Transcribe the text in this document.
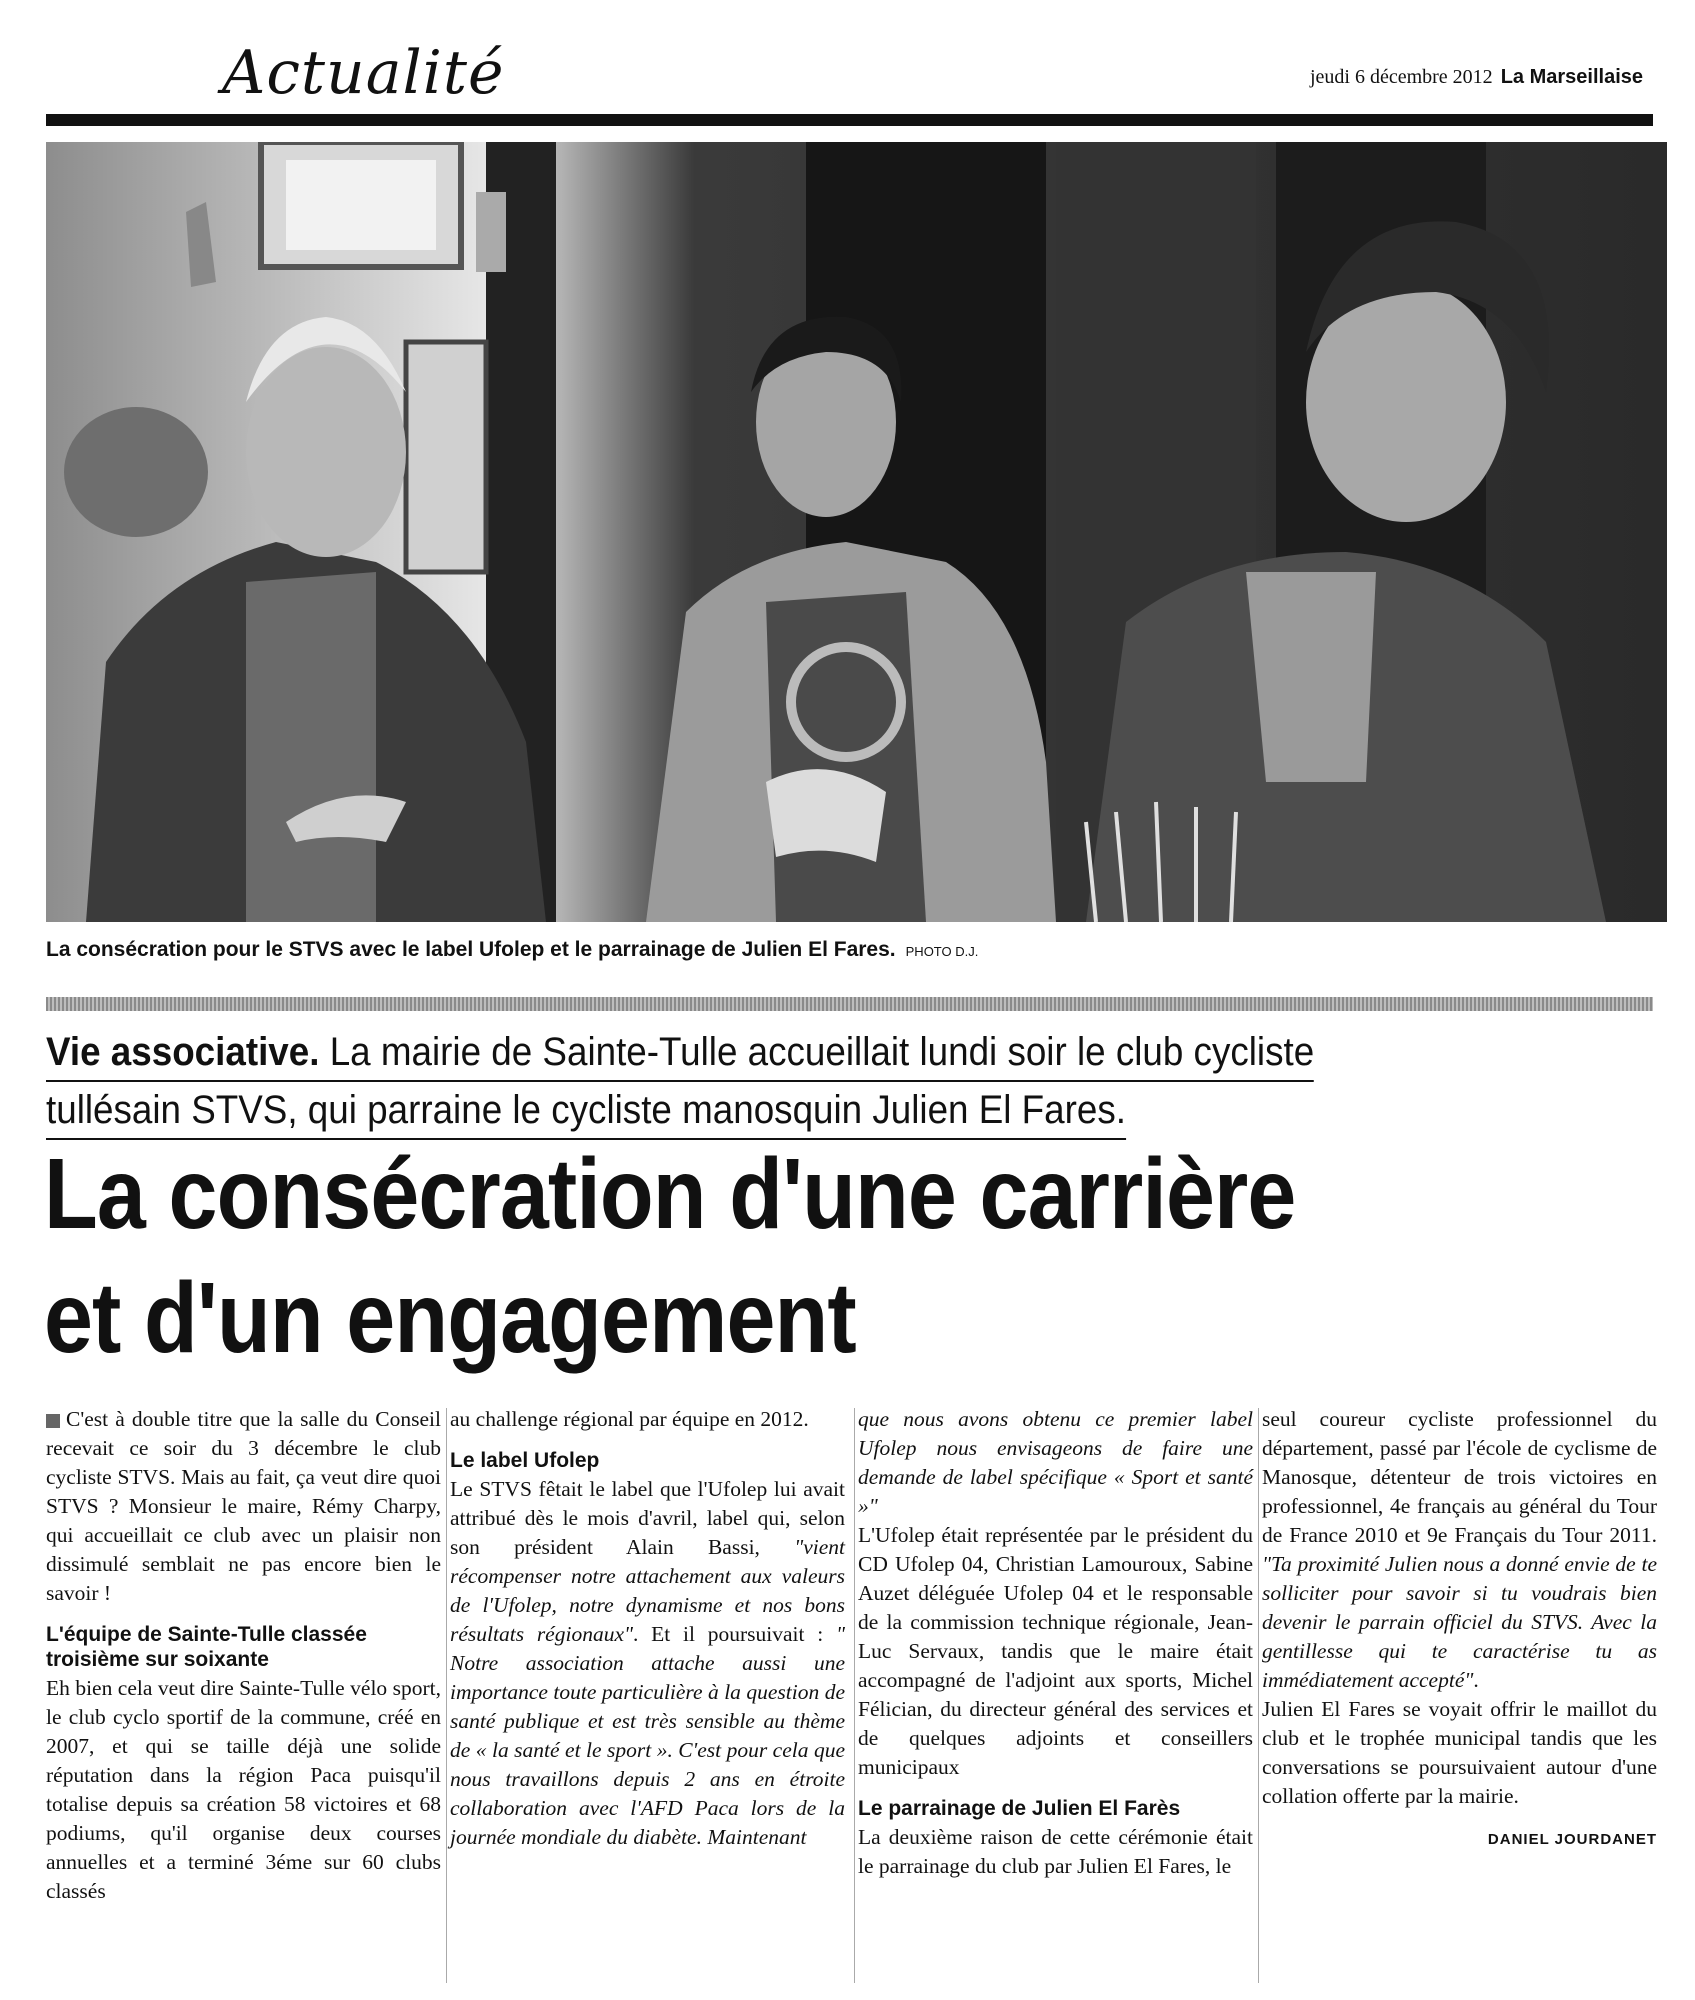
Actualité	jeudi 6 décembre 2012 La Marseillaise
La consécration pour le STVS avec le label Ufolep et le parrainage de Julien El Fares. PHOTO D.J.
Vie associative. La mairie de Sainte-Tulle accueillait lundi soir le club cycliste
tullésain STVS, qui parraine le cycliste manosquin Julien El Fares.
La consécration d'une carrière
et d'un engagement

C'est à double titre que la salle du Conseil recevait ce soir du 3 décembre le club cycliste STVS. Mais au fait, ça veut dire quoi STVS ? Monsieur le maire, Rémy Charpy, qui accueillait ce club avec un plaisir non dissimulé semblait ne pas encore bien le savoir !

L'équipe de Sainte-Tulle classée troisième sur soixante

Eh bien cela veut dire Sainte-Tulle vélo sport, le club cyclo sportif de la commune, créé en 2007, et qui se taille déjà une solide réputation dans la région Paca puisqu'il totalise depuis sa création 58 victoires et 68 podiums, qu'il organise deux courses annuelles et a terminé 3éme sur 60 clubs classés

au challenge régional par équipe en 2012.

Le label Ufolep

Le STVS fêtait le label que l'Ufolep lui avait attribué dès le mois d'avril, label qui, selon son président Alain Bassi, "vient récompenser notre attachement aux valeurs de l'Ufolep, notre dynamisme et nos bons résultats régionaux". Et il poursuivait : " Notre association attache aussi une importance toute particulière à la question de santé publique et est très sensible au thème de « la santé et le sport ». C'est pour cela que nous travaillons depuis 2 ans en étroite collaboration avec l'AFD Paca lors de la journée mondiale du diabète. Maintenant

que nous avons obtenu ce premier label Ufolep nous envisageons de faire une demande de label spécifique « Sport et santé »"

L'Ufolep était représentée par le président du CD Ufolep 04, Christian Lamouroux, Sabine Auzet déléguée Ufolep 04 et le responsable de la commission technique régionale, Jean-Luc Servaux, tandis que le maire était accompagné de l'adjoint aux sports, Michel Félician, du directeur général des services et de quelques adjoints et conseillers municipaux

Le parrainage de Julien El Farès

La deuxième raison de cette cérémonie était le parrainage du club par Julien El Fares, le

seul coureur cycliste professionnel du département, passé par l'école de cyclisme de Manosque, détenteur de trois victoires en professionnel, 4e français au général du Tour de France 2010 et 9e Français du Tour 2011. "Ta proximité Julien nous a donné envie de te solliciter pour savoir si tu voudrais bien devenir le parrain officiel du STVS. Avec la gentillesse qui te caractérise tu as immédiatement accepté".

Julien El Fares se voyait offrir le maillot du club et le trophée municipal tandis que les conversations se poursuivaient autour d'une collation offerte par la mairie.

DANIEL JOURDANET
